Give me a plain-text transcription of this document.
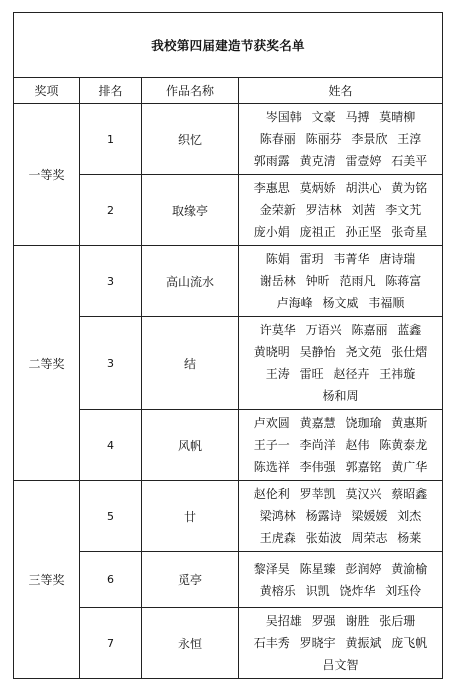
我校第四届建造节获奖名单			
奖项	排名	作品名称	姓名
一等奖	1	织忆	岑国韩 文豪 马搏 莫晴柳 陈春丽 陈丽芬 李景欣 王淳 郭雨露 黄克清 雷壹婷 石美平
	2	取缘亭	李惠思 莫炳娇 胡洪心 黄为铭 金荣新 罗洁林 刘茜 李文艽 庞小娟 庞祖正 孙正坚 张奇星
二等奖	3	高山流水	陈娟 雷玥 韦菁华 唐诗瑞 谢岳林 钟昕 范雨凡 陈蒋富 卢海峰 杨文威 韦福顺
	3	结	许莫华 万语兴 陈嘉丽 蓝鑫 黄晓明 吴静怡 尧文苑 张仕熠 王涛 雷旺 赵径卉 王祎璇 杨和周
	4	风帆	卢欢圆 黄嘉慧 饶珈瑜 黄惠斯 王子一 李尚洋 赵伟 陈黄泰龙 陈选祥 李伟强 郭嘉铭 黄广华
三等奖	5	廿	赵伦利 罗莘凯 莫汉兴 蔡昭鑫 梁鸿林 杨露诗 梁媛媛 刘杰 王虎森 张茹波 周荣志 杨莱
	6	觅亭	黎泽昊 陈星臻 彭润婷 黄渝榆 黄榕乐 识凯 饶炸华 刘珏伶
	7	永恒	吴招雄 罗强 谢胜 张后珊 石丰秀 罗晓宇 黄振斌 庞飞帆 吕文智
